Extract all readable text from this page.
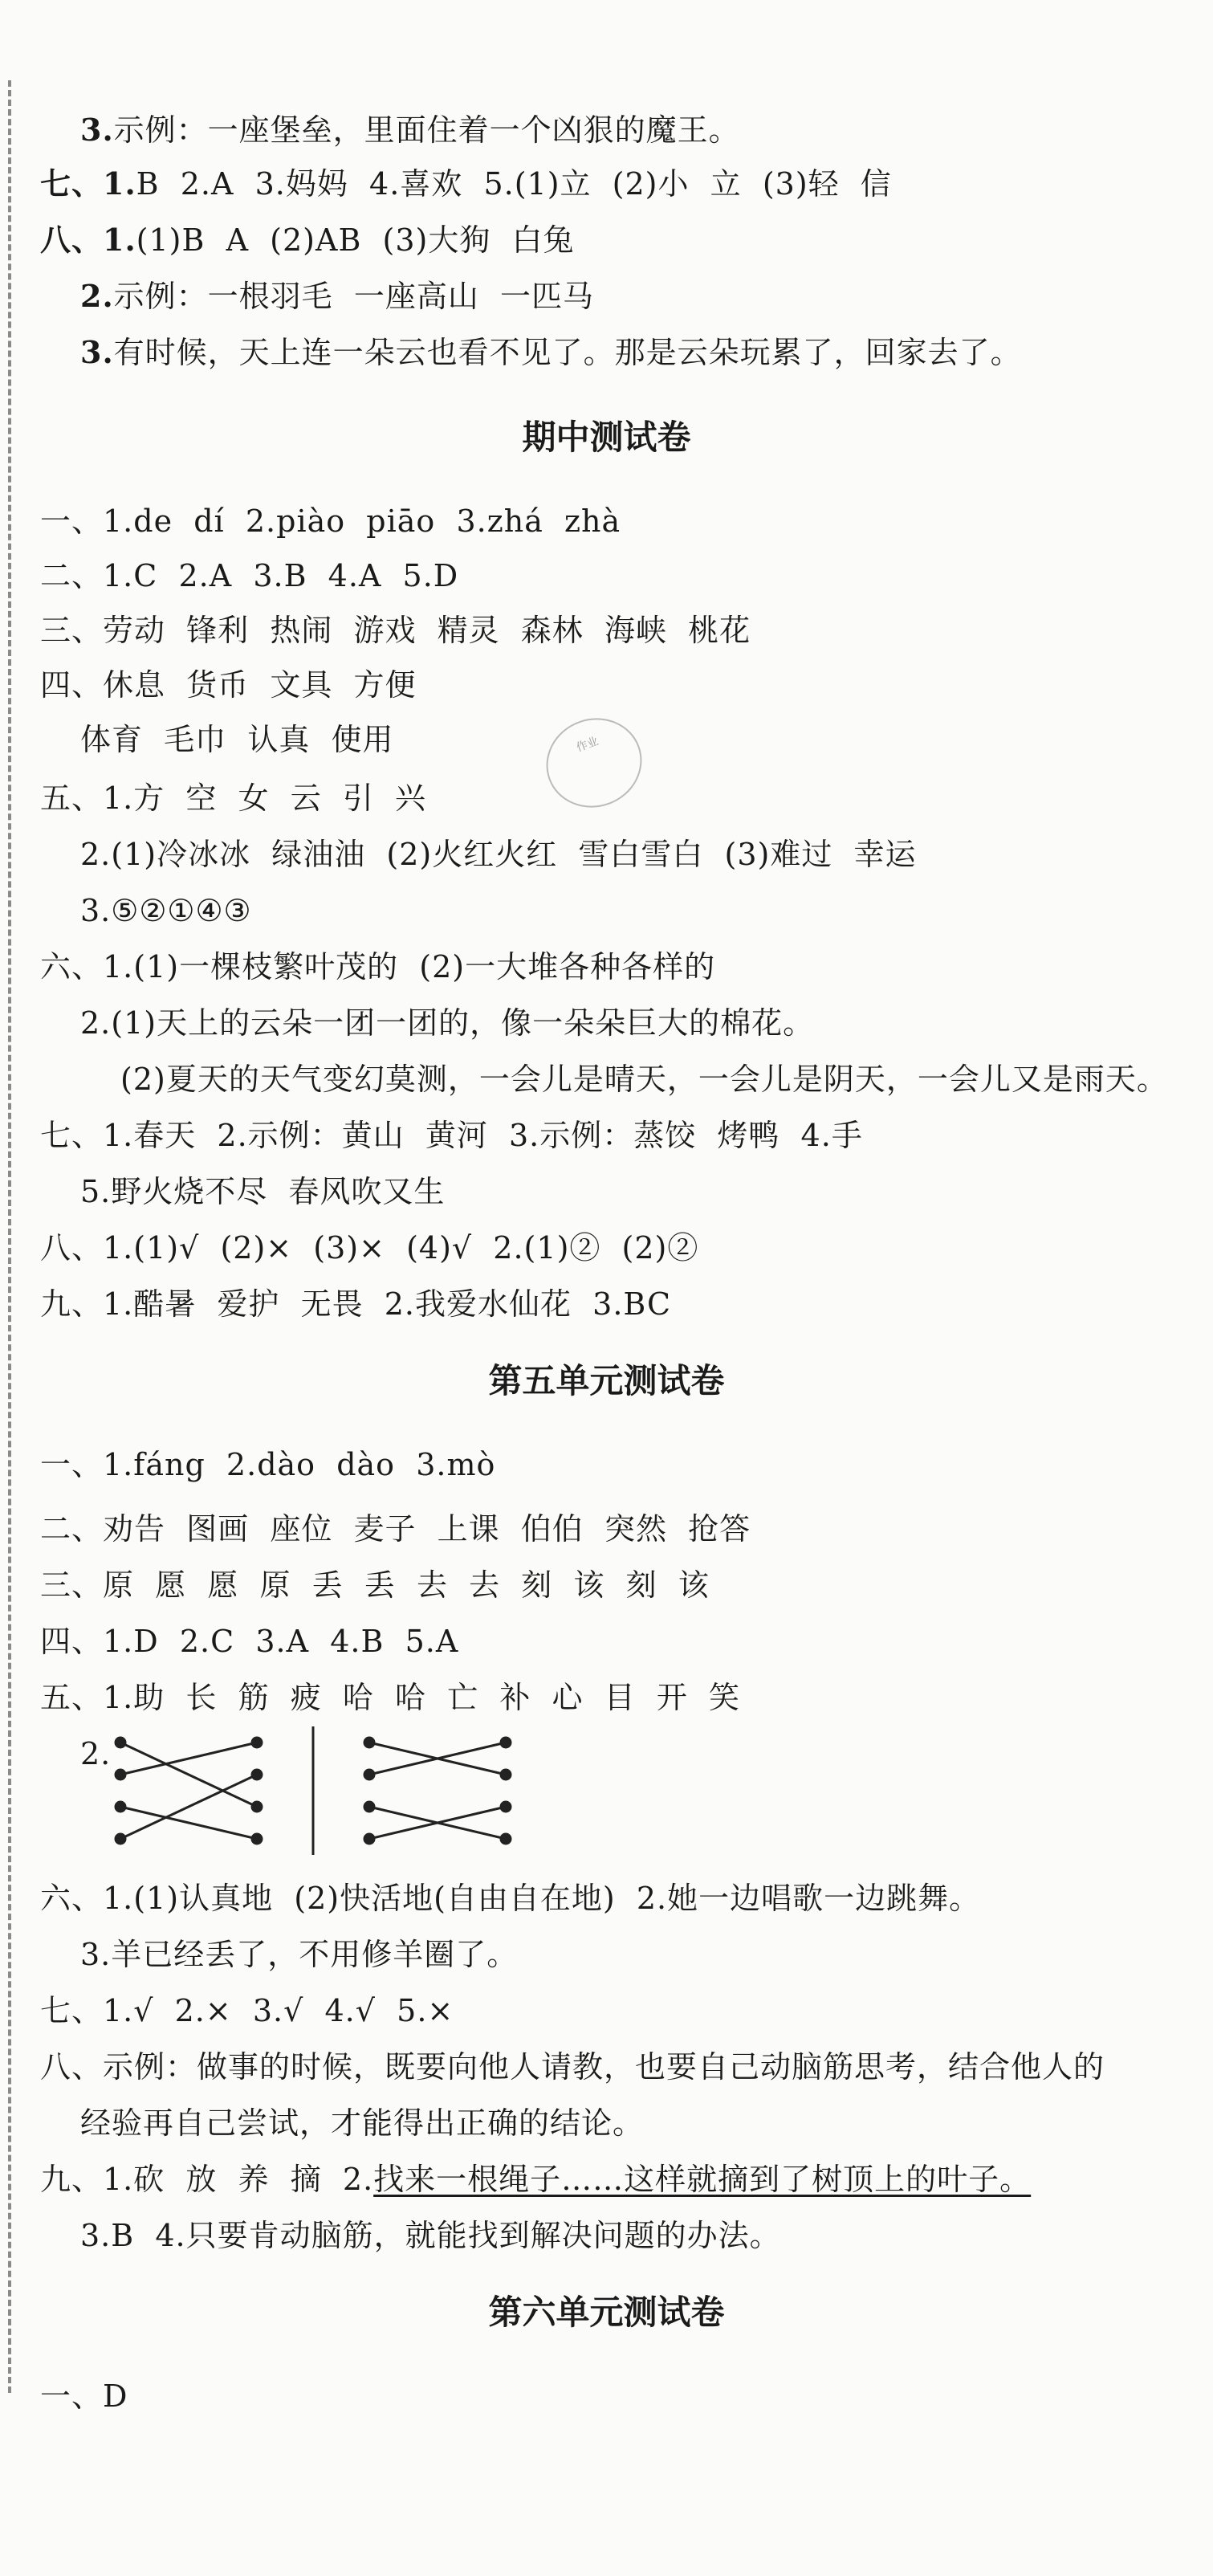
3.示例：一座堡垒，里面住着一个凶狠的魔王。
七、1.B  2.A  3.妈妈  4.喜欢  5.(1)立  (2)小  立  (3)轻  信
八、1.(1)B  A  (2)AB  (3)大狗  白兔
2.示例：一根羽毛  一座高山  一匹马
3.有时候，天上连一朵云也看不见了。那是云朵玩累了，回家去了。
期中测试卷
一、1.de  dí  2.piào  piāo  3.zhá  zhà
二、1.C  2.A  3.B  4.A  5.D
三、劳动  锋利  热闹  游戏  精灵  森林  海峡  桃花
四、休息  货币  文具  方便
体育  毛巾  认真  使用	作业
五、1.方  空  女  云  引  兴
2.(1)冷冰冰  绿油油  (2)火红火红  雪白雪白  (3)难过  幸运
3.⑤②①④③
六、1.(1)一棵枝繁叶茂的  (2)一大堆各种各样的
2.(1)天上的云朵一团一团的，像一朵朵巨大的棉花。
(2)夏天的天气变幻莫测，一会儿是晴天，一会儿是阴天，一会儿又是雨天。
七、1.春天  2.示例：黄山  黄河  3.示例：蒸饺  烤鸭  4.手
5.野火烧不尽  春风吹又生
八、1.(1)√  (2)×  (3)×  (4)√  2.(1)②  (2)②
九、1.酷暑  爱护  无畏  2.我爱水仙花  3.BC
第五单元测试卷
一、1.fáng  2.dào  dào  3.mò
二、劝告  图画  座位  麦子  上课  伯伯  突然  抢答
三、原  愿  愿  原  丢  丢  去  去  刻  该  刻  该
四、1.D  2.C  3.A  4.B  5.A
五、1.助  长  筋  疲  哈  哈  亡  补  心  目  开  笑
2.
六、1.(1)认真地  (2)快活地(自由自在地)  2.她一边唱歌一边跳舞。
3.羊已经丢了，不用修羊圈了。
七、1.√  2.×  3.√  4.√  5.×
八、示例：做事的时候，既要向他人请教，也要自己动脑筋思考，结合他人的
经验再自己尝试，才能得出正确的结论。
九、1.砍  放  养  摘  2.找来一根绳子……这样就摘到了树顶上的叶子。
3.B  4.只要肯动脑筋，就能找到解决问题的办法。
第六单元测试卷
一、D
